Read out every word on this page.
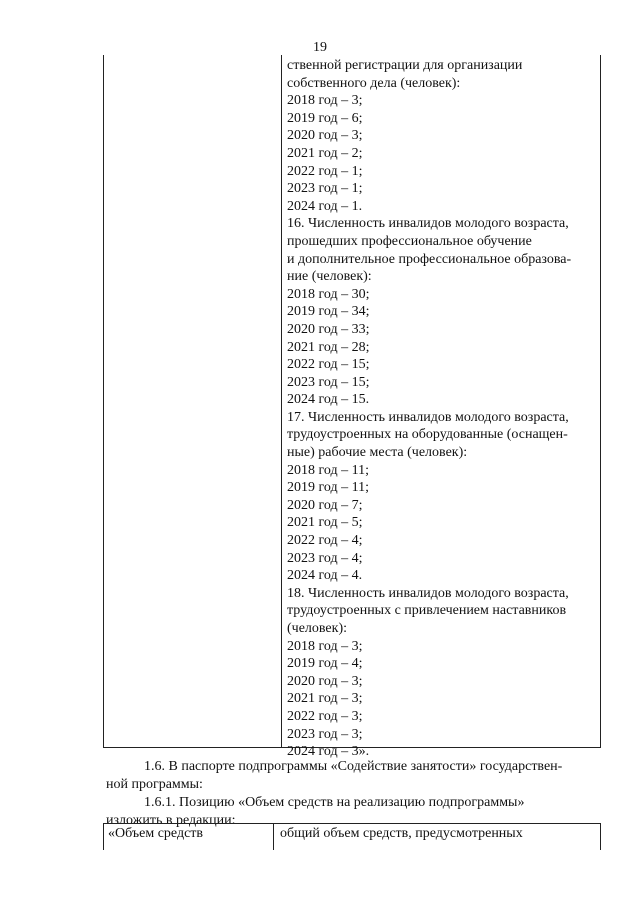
19
ственной регистрации для организации
собственного дела (человек):
2018 год – 3;
2019 год – 6;
2020 год – 3;
2021 год – 2;
2022 год – 1;
2023 год – 1;
2024 год – 1.
16. Численность инвалидов молодого возраста,
прошедших профессиональное обучение
и дополнительное профессиональное образова-
ние (человек):
2018 год – 30;
2019 год – 34;
2020 год – 33;
2021 год – 28;
2022 год – 15;
2023 год – 15;
2024 год – 15.
17. Численность инвалидов молодого возраста,
трудоустроенных на оборудованные (оснащен-
ные) рабочие места (человек):
2018 год – 11;
2019 год – 11;
2020 год – 7;
2021 год – 5;
2022 год – 4;
2023 год – 4;
2024 год – 4.
18. Численность инвалидов молодого возраста,
трудоустроенных с привлечением наставников
(человек):
2018 год – 3;
2019 год – 4;
2020 год – 3;
2021 год – 3;
2022 год – 3;
2023 год – 3;
2024 год – 3».
1.6. В паспорте подпрограммы «Содействие занятости» государствен-
ной программы:
1.6.1. Позицию «Объем средств на реализацию подпрограммы»
изложить в редакции:
«Объем средств	общий объем средств, предусмотренных
